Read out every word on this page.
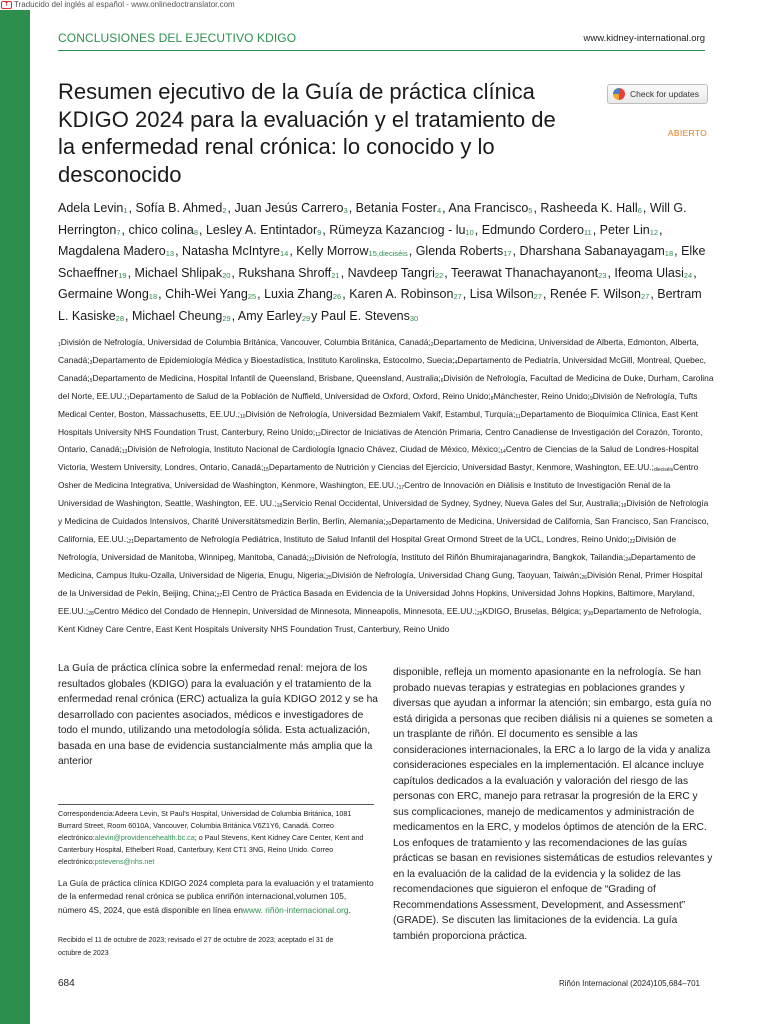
T Traducido del inglés al español - www.onlinedoctranslator.com
CONCLUSIONES DEL EJECUTIVO KDIGO	www.kidney-international.org
Resumen ejecutivo de la Guía de práctica clínica KDIGO 2024 para la evaluación y el tratamiento de la enfermedad renal crónica: lo conocido y lo desconocido
Check for updates
ABIERTO

Adela Levin$^1$, Sofía B. Ahmed$^2$, Juan Jesús Carrero$^3$, Betania Foster$^4$, Ana Francisco$^5$, Rasheeda K. Hall$^6$, Will G. Herrington$^7$, chico colina$^8$, Lesley A. Entintador$^9$, Rümeyza Kazancıog - $lu^{10}$, Edmundo Cordero$^{11}$, Peter Lin$^{12}$, Magdalena Madero$^{13}$, Natasha McIntyre$^{14}$, Kelly Morrow$^{15,dieciséis}$, Glenda Roberts$^{17}$, Dharshana Sabanayagam$^{18}$, Elke Schaeffner$^{19}$, Michael Shlipak$^{20}$, Rukshana Shroff$^{21}$, Navdeep Tangri$^{22}$, Teerawat Thanachayanont$^{23}$, Ifeoma Ulasi$^{24}$, Germaine Wong$^{18}$, Chih-Wei Yang$^{25}$, Luxia Zhang$^{26}$, Karen A. Robinson$^{27}$, Lisa Wilson$^{27}$, Renée F. Wilson$^{27}$, Bertram L. Kasiske$^{28}$, Michael Cheung$^{29}$, Amy Earley$^{29}$y Paul E. Stevens$^{30}$

$^1$División de Nefrología, Universidad de Columbia Británica, Vancouver, Columbia Británica, Canadá;$^2$Departamento de Medicina, Universidad de Alberta, Edmonton, Alberta, Canadá;$^3$Departamento de Epidemiología Médica y Bioestadística, Instituto Karolinska, Estocolmo, Suecia;$^4$Departamento de Pediatría, Universidad McGill, Montreal, Quebec, Canadá;$^5$Departamento de Medicina, Hospital Infantil de Queensland, Brisbane, Queensland, Australia;$^6$División de Nefrología, Facultad de Medicina de Duke, Durham, Carolina del Norte, EE.UU.;$^7$Departamento de Salud de la Población de Nuffield, Universidad de Oxford, Oxford, Reino Unido;$^8$Mánchester, Reino Unido;$^9$División de Nefrología, Tufts Medical Center, Boston, Massachusetts, EE.UU.;$^{10}$División de Nefrología, Universidad Bezmialem Vakif, Estambul, Turquía;$^{11}$Departamento de Bioquímica Clínica, East Kent Hospitals University NHS Foundation Trust, Canterbury, Reino Unido;$^{12}$Director de Iniciativas de Atención Primaria, Centro Canadiense de Investigación del Corazón, Toronto, Ontario, Canadá;$^{13}$División de Nefrología, Instituto Nacional de Cardiología Ignacio Chávez, Ciudad de México, México;$^{14}$Centro de Ciencias de la Salud de Londres-Hospital Victoria, Western University, Londres, Ontario, Canadá;$^{15}$Departamento de Nutrición y Ciencias del Ejercicio, Universidad Bastyr, Kenmore, Washington, EE.UU.;$^{dieciséis}$Centro Osher de Medicina Integrativa, Universidad de Washington, Kenmore, Washington, EE.UU.;$^{17}$Centro de Innovación en Diálisis e Instituto de Investigación Renal de la Universidad de Washington, Seattle, Washington, EE. UU.;$^{18}$Servicio Renal Occidental, Universidad de Sydney, Sydney, Nueva Gales del Sur, Australia;$^{19}$División de Nefrología y Medicina de Cuidados Intensivos, Charité Universitätsmedizin Berlin, Berlín, Alemania;$^{20}$Departamento de Medicina, Universidad de California, San Francisco, San Francisco, California, EE.UU.;$^{21}$Departamento de Nefrología Pediátrica, Instituto de Salud Infantil del Hospital Great Ormond Street de la UCL, Londres, Reino Unido;$^{22}$División de Nefrología, Universidad de Manitoba, Winnipeg, Manitoba, Canadá;$^{23}$División de Nefrología, Instituto del Riñón Bhumirajanagarindra, Bangkok, Tailandia;$^{24}$Departamento de Medicina, Campus Ituku-Ozalla, Universidad de Nigeria, Enugu, Nigeria;$^{25}$División de Nefrología, Universidad Chang Gung, Taoyuan, Taiwán;$^{26}$División Renal, Primer Hospital de la Universidad de Pekín, Beijing, China;$^{27}$El Centro de Práctica Basada en Evidencia de la Universidad Johns Hopkins, Universidad Johns Hopkins, Baltimore, Maryland, EE.UU.;$^{28}$Centro Médico del Condado de Hennepin, Universidad de Minnesota, Minneapolis, Minnesota, EE.UU.;$^{29}$KDIGO, Bruselas, Bélgica; $y^{30}Departamento$ de Nefrología, Kent Kidney Care Centre, East Kent Hospitals University NHS Foundation Trust, Canterbury, Reino Unido

La Guía de práctica clínica sobre la enfermedad renal: mejora de los resultados globales (KDIGO) para la evaluación y el tratamiento de la enfermedad renal crónica (ERC) actualiza la guía KDIGO 2012 y se ha desarrollado con pacientes asociados, médicos e investigadores de todo el mundo, utilizando una metodología sólida. Esta actualización, basada en una base de evidencia sustancialmente más amplia que la anterior

disponible, refleja un momento apasionante en la nefrología. Se han probado nuevas terapias y estrategias en poblaciones grandes y diversas que ayudan a informar la atención; sin embargo, esta guía no está dirigida a personas que reciben diálisis ni a quienes se someten a un trasplante de riñón. El documento es sensible a las consideraciones internacionales, la ERC a lo largo de la vida y analiza consideraciones especiales en la implementación. El alcance incluye capítulos dedicados a la evaluación y valoración del riesgo de las personas con ERC, manejo para retrasar la progresión de la ERC y sus complicaciones, manejo de medicamentos y administración de medicamentos en la ERC, y modelos óptimos de atención de la ERC. Los enfoques de tratamiento y las recomendaciones de las guías prácticas se basan en revisiones sistemáticas de estudios relevantes y en la evaluación de la calidad de la evidencia y la solidez de las recomendaciones que siguieron el enfoque de “Grading of Recommendations Assessment, Development, and Assessment” (GRADE). Se discuten las limitaciones de la evidencia. La guía también proporciona práctica.

Correspondencia:Adeera Levin, St Paul's Hospital, Universidad de Columbia Británica, 1081 Burrard Street, Room 6010A, Vancouver, Columbia Británica V6Z1Y6, Canadá. Correo electrónico:alevin@providencehealth.bc.ca; o Paul Stevens, Kent Kidney Care Center, Kent and Canterbury Hospital, Ethelbert Road, Canterbury, Kent CT1 3NG, Reino Unido. Correo electrónico:pstevens@nhs.net

La Guía de práctica clínica KDIGO 2024 completa para la evaluación y el tratamiento de la enfermedad renal crónica se publica enriñón internacional,volumen 105, número 4S, 2024, que está disponible en línea enwww. riñón-internacional.org.

Recibido el 11 de octubre de 2023; revisado el 27 de octubre de 2023; aceptado el 31 de octubre de 2023

684	Riñón Internacional (2024)105,684–701
